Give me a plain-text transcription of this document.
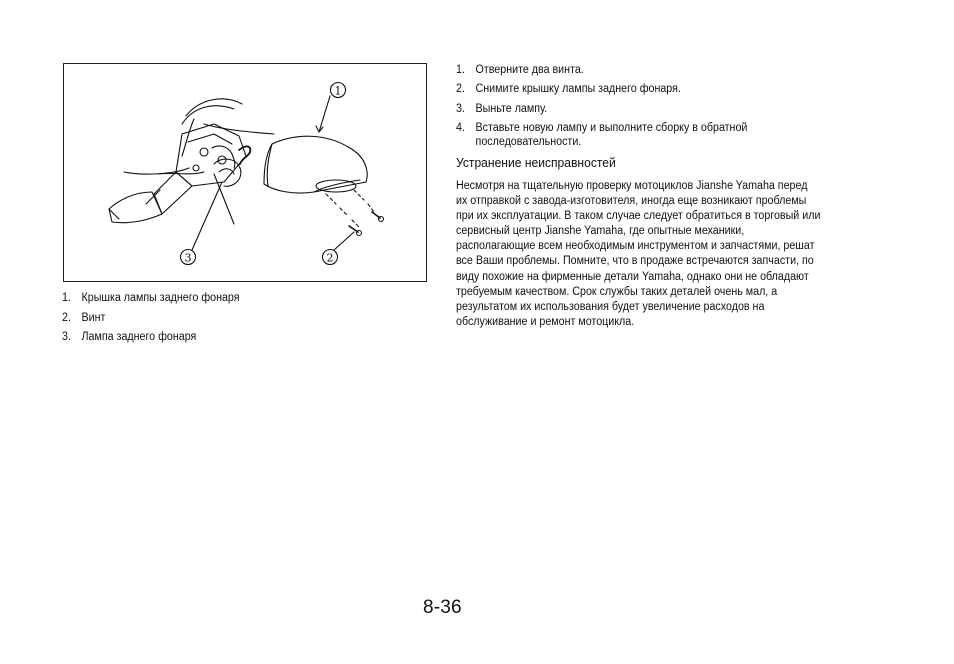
1
2
3
1. Крышка лампы заднего фонаря
2. Винт
3. Лампа заднего фонаря
1. Отверните два винта.
2. Снимите крышку лампы заднего фонаря.
3. Выньте лампу.
4. Вставьте новую лампу и выполните сборку в обратной последовательности.
Устранение неисправностей

Несмотря на тщательную проверку мотоциклов Jianshe Yamaha перед их отправкой с завода-изготовителя, иногда еще возникают проблемы при их эксплуатации. В таком случае следует обратиться в торговый или сервисный центр Jianshe Yamaha, где опытные механики, располагающие всем необходимым инструментом и запчастями, решат все Ваши проблемы. Помните, что в продаже встречаются запчасти, по виду похожие на фирменные детали Yamaha, однако они не обладают требуемым качеством. Срок службы таких деталей очень мал, а результатом их использования будет увеличение расходов на обслуживание и ремонт мотоцикла.

8-36
